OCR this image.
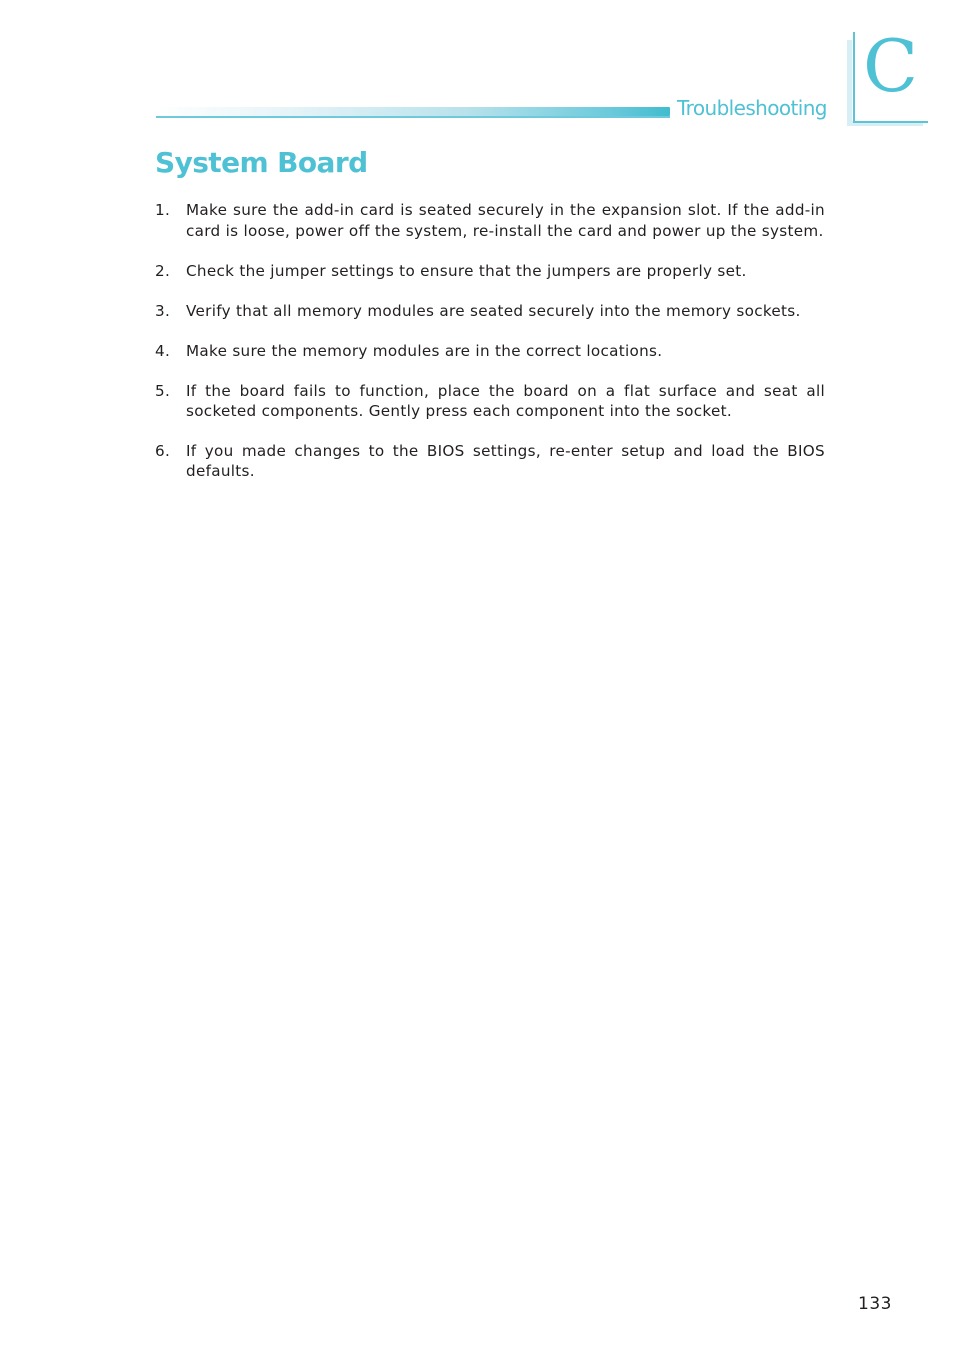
Troubleshooting C
System Board
1.	Make sure the add-in card is seated securely in the expansion slot. If the add-in card is loose, power off the system, re-install the card and power up the system.
2.	Check the jumper settings to ensure that the jumpers are properly set.
3.	Verify that all memory modules are seated securely into the memory sockets.
4.	Make sure the memory modules are in the correct locations.
5.	If the board fails to function, place the board on a flat surface and seat all socketed components. Gently press each component into the socket.
6.	If you made changes to the BIOS settings, re-enter setup and load the BIOS defaults.
133
